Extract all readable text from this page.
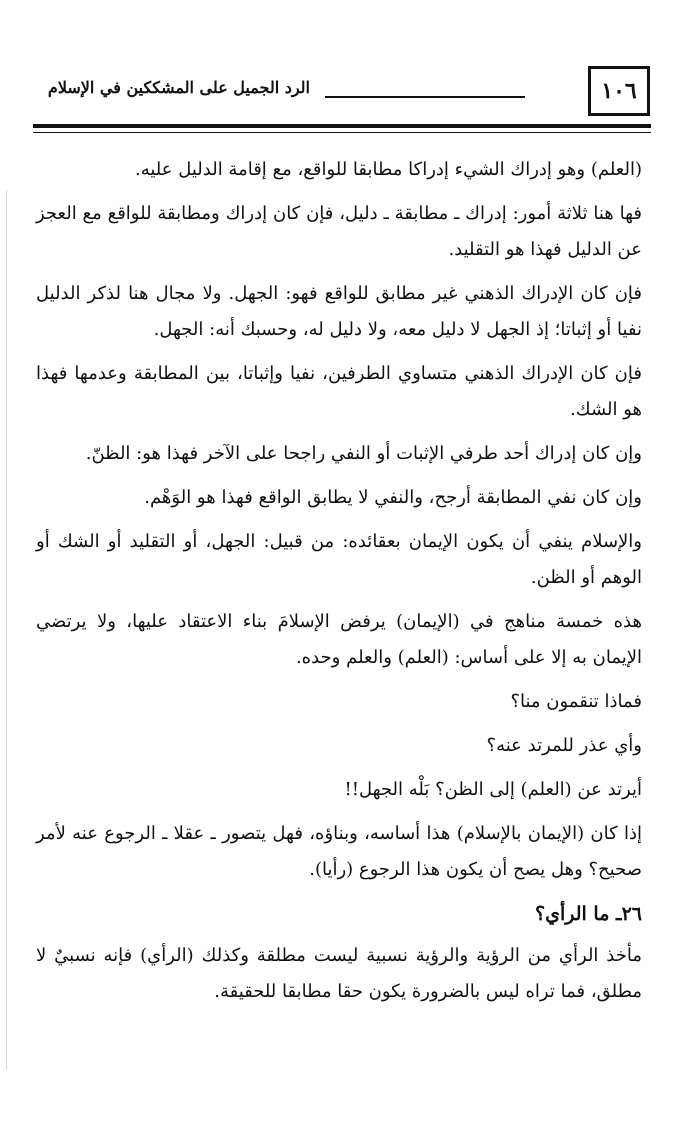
١٠٦
الرد الجميل على المشككين في الإسلام

(العلم) وهو إدراك الشيء إدراكا مطابقا للواقع، مع إقامة الدليل عليه.

فها هنا ثلاثة أمور: إدراك ـ مطابقة ـ دليل، فإن كان إدراك ومطابقة للواقع مع العجز عن الدليل فهذا هو التقليد.

فإن كان الإدراك الذهني غير مطابق للواقع فهو: الجهل. ولا مجال هنا لذكر الدليل نفيا أو إثباتا؛ إذ الجهل لا دليل معه، ولا دليل له، وحسبك أنه: الجهل.

فإن كان الإدراك الذهني متساوي الطرفين، نفيا وإثباتا، بين المطابقة وعدمها فهذا هو الشك.

وإن كان إدراك أحد طرفي الإثبات أو النفي راجحا على الآخر فهذا هو: الظنّ.

وإن كان نفي المطابقة أرجح، والنفي لا يطابق الواقع فهذا هو الوَهْم.

والإسلام ينفي أن يكون الإيمان بعقائده: من قبيل: الجهل، أو التقليد أو الشك أو الوهم أو الظن.

هذه خمسة مناهج في (الإيمان) يرفض الإسلامَ بناء الاعتقاد عليها، ولا يرتضي الإيمان به إلا على أساس: (العلم) والعلم وحده.

فماذا تنقمون منا؟

وأي عذر للمرتد عنه؟

أيرتد عن (العلم) إلى الظن؟ بَلْه الجهل!!

إذا كان (الإيمان بالإسلام) هذا أساسه، وبناؤه، فهل يتصور ـ عقلا ـ الرجوع عنه لأمر صحيح؟ وهل يصح أن يكون هذا الرجوع (رأيا).

٢٦ـ ما الرأي؟

مأخذ الرأي من الرؤية والرؤية نسبية ليست مطلقة وكذلك (الرأي) فإنه نسبيٌ لا مطلق، فما تراه ليس بالضرورة يكون حقا مطابقا للحقيقة.
